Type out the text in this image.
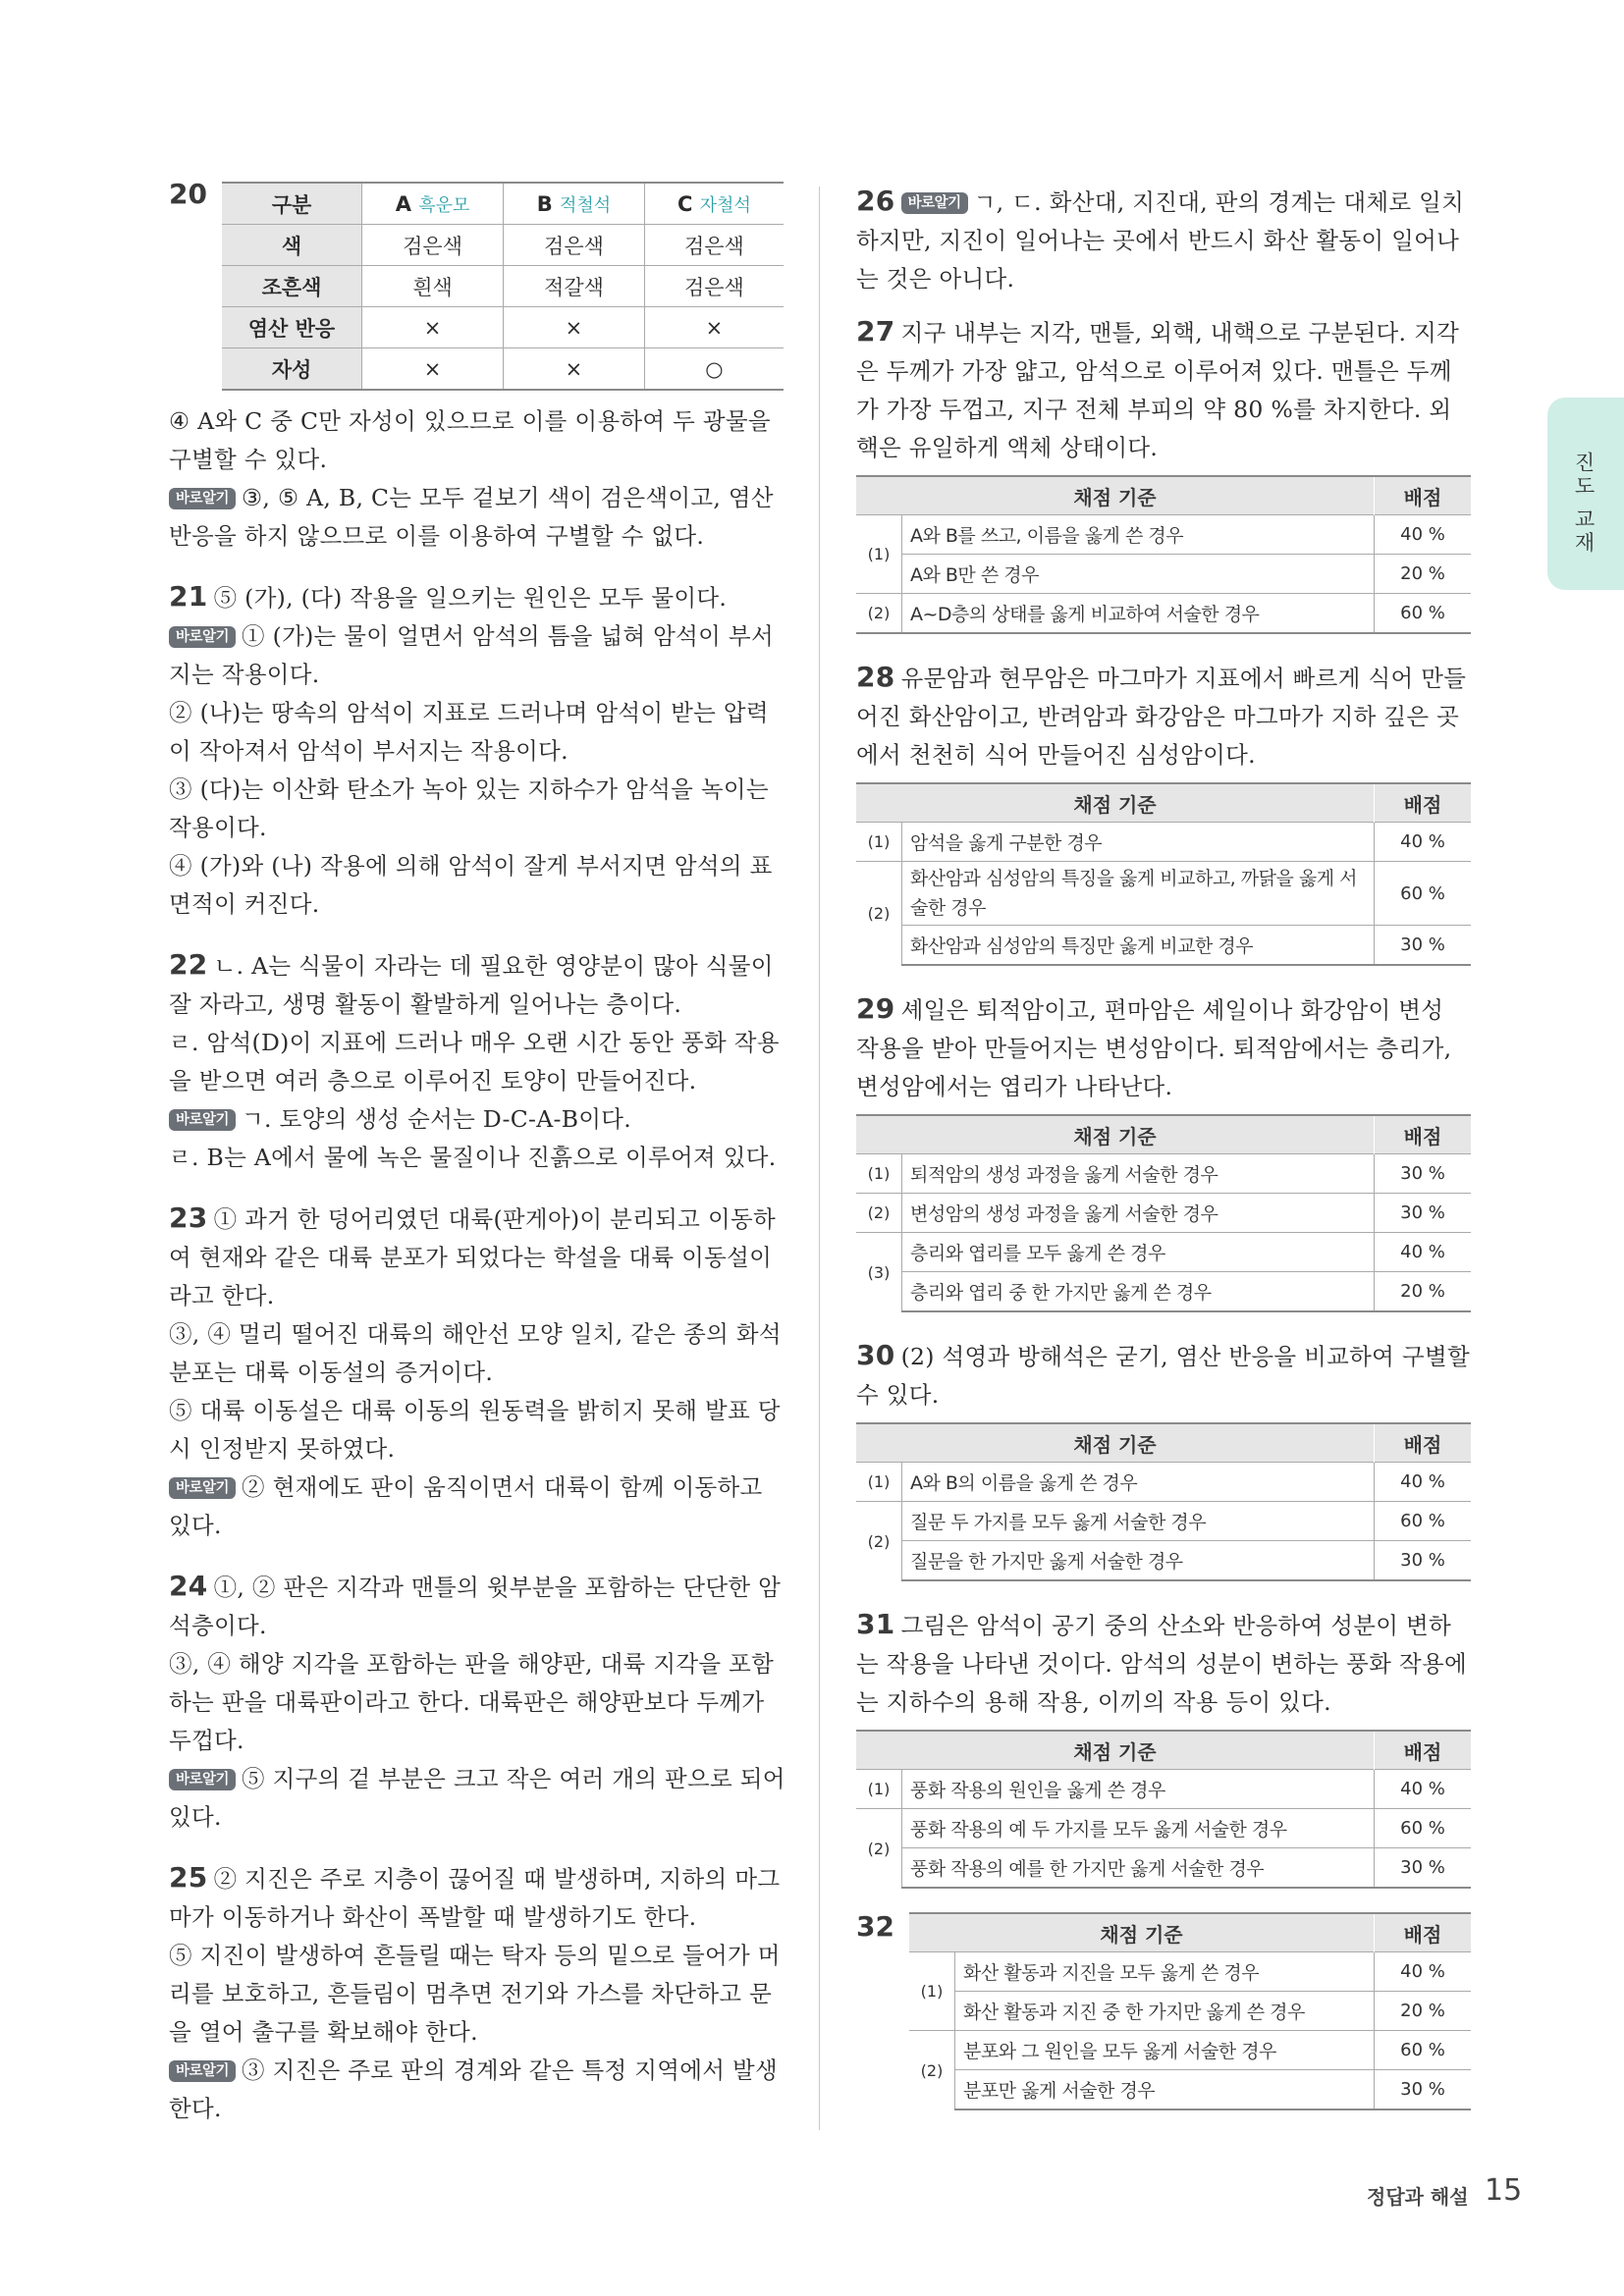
진도 교재
20	구분	A 흑운모	B 적철석	C 자철석
색	검은색	검은색	검은색
조흔색	흰색	적갈색	검은색
염산 반응	×	×	×
자성	×	×	○

④ A와 C 중 C만 자성이 있으므로 이를 이용하여 두 광물을 구별할 수 있다.

바로알기 ③, ⑤ A, B, C는 모두 겉보기 색이 검은색이고, 염산 반응을 하지 않으므로 이를 이용하여 구별할 수 없다.

21 ⑤ (가), (다) 작용을 일으키는 원인은 모두 물이다.

바로알기 ① (가)는 물이 얼면서 암석의 틈을 넓혀 암석이 부서지는 작용이다.

② (나)는 땅속의 암석이 지표로 드러나며 암석이 받는 압력이 작아져서 암석이 부서지는 작용이다.

③ (다)는 이산화 탄소가 녹아 있는 지하수가 암석을 녹이는 작용이다.

④ (가)와 (나) 작용에 의해 암석이 잘게 부서지면 암석의 표면적이 커진다.

22 ㄴ. A는 식물이 자라는 데 필요한 영양분이 많아 식물이 잘 자라고, 생명 활동이 활발하게 일어나는 층이다.

ㄹ. 암석(D)이 지표에 드러나 매우 오랜 시간 동안 풍화 작용을 받으면 여러 층으로 이루어진 토양이 만들어진다.

바로알기 ㄱ. 토양의 생성 순서는 D-C-A-B이다.

ㄹ. B는 A에서 물에 녹은 물질이나 진흙으로 이루어져 있다.

23 ① 과거 한 덩어리였던 대륙(판게아)이 분리되고 이동하여 현재와 같은 대륙 분포가 되었다는 학설을 대륙 이동설이라고 한다.

③, ④ 멀리 떨어진 대륙의 해안선 모양 일치, 같은 종의 화석 분포는 대륙 이동설의 증거이다.

⑤ 대륙 이동설은 대륙 이동의 원동력을 밝히지 못해 발표 당시 인정받지 못하였다.

바로알기 ② 현재에도 판이 움직이면서 대륙이 함께 이동하고 있다.

24 ①, ② 판은 지각과 맨틀의 윗부분을 포함하는 단단한 암석층이다.

③, ④ 해양 지각을 포함하는 판을 해양판, 대륙 지각을 포함하는 판을 대륙판이라고 한다. 대륙판은 해양판보다 두께가 두껍다.

바로알기 ⑤ 지구의 겉 부분은 크고 작은 여러 개의 판으로 되어 있다.

25 ② 지진은 주로 지층이 끊어질 때 발생하며, 지하의 마그마가 이동하거나 화산이 폭발할 때 발생하기도 한다.

⑤ 지진이 발생하여 흔들릴 때는 탁자 등의 밑으로 들어가 머리를 보호하고, 흔들림이 멈추면 전기와 가스를 차단하고 문을 열어 출구를 확보해야 한다.

바로알기 ③ 지진은 주로 판의 경계와 같은 특정 지역에서 발생한다.

26 바로알기 ㄱ, ㄷ. 화산대, 지진대, 판의 경계는 대체로 일치하지만, 지진이 일어나는 곳에서 반드시 화산 활동이 일어나는 것은 아니다.

27 지구 내부는 지각, 맨틀, 외핵, 내핵으로 구분된다. 지각은 두께가 가장 얇고, 암석으로 이루어져 있다. 맨틀은 두께가 가장 두껍고, 지구 전체 부피의 약 80 %를 차지한다. 외핵은 유일하게 액체 상태이다.

채점 기준		배점
(1)	A와 B를 쓰고, 이름을 옳게 쓴 경우	40 %
	A와 B만 쓴 경우	20 %
(2)	A~D층의 상태를 옳게 비교하여 서술한 경우	60 %

28 유문암과 현무암은 마그마가 지표에서 빠르게 식어 만들어진 화산암이고, 반려암과 화강암은 마그마가 지하 깊은 곳에서 천천히 식어 만들어진 심성암이다.

채점 기준		배점
(1)	암석을 옳게 구분한 경우	40 %
(2)	화산암과 심성암의 특징을 옳게 비교하고, 까닭을 옳게 서술한 경우	60 %
	화산암과 심성암의 특징만 옳게 비교한 경우	30 %

29 셰일은 퇴적암이고, 편마암은 셰일이나 화강암이 변성 작용을 받아 만들어지는 변성암이다. 퇴적암에서는 층리가, 변성암에서는 엽리가 나타난다.

채점 기준		배점
(1)	퇴적암의 생성 과정을 옳게 서술한 경우	30 %
(2)	변성암의 생성 과정을 옳게 서술한 경우	30 %
(3)	층리와 엽리를 모두 옳게 쓴 경우	40 %
	층리와 엽리 중 한 가지만 옳게 쓴 경우	20 %

30 (2) 석영과 방해석은 굳기, 염산 반응을 비교하여 구별할 수 있다.

채점 기준		배점
(1)	A와 B의 이름을 옳게 쓴 경우	40 %
(2)	질문 두 가지를 모두 옳게 서술한 경우	60 %
	질문을 한 가지만 옳게 서술한 경우	30 %

31 그림은 암석이 공기 중의 산소와 반응하여 성분이 변하는 작용을 나타낸 것이다. 암석의 성분이 변하는 풍화 작용에는 지하수의 용해 작용, 이끼의 작용 등이 있다.

채점 기준		배점
(1)	풍화 작용의 원인을 옳게 쓴 경우	40 %
(2)	풍화 작용의 예 두 가지를 모두 옳게 서술한 경우	60 %
	풍화 작용의 예를 한 가지만 옳게 서술한 경우	30 %
32	채점 기준		배점
(1)	화산 활동과 지진을 모두 옳게 쓴 경우	40 %
	화산 활동과 지진 중 한 가지만 옳게 쓴 경우	20 %
(2)	분포와 그 원인을 모두 옳게 서술한 경우	60 %
	분포만 옳게 서술한 경우	30 %
정답과 해설 15
